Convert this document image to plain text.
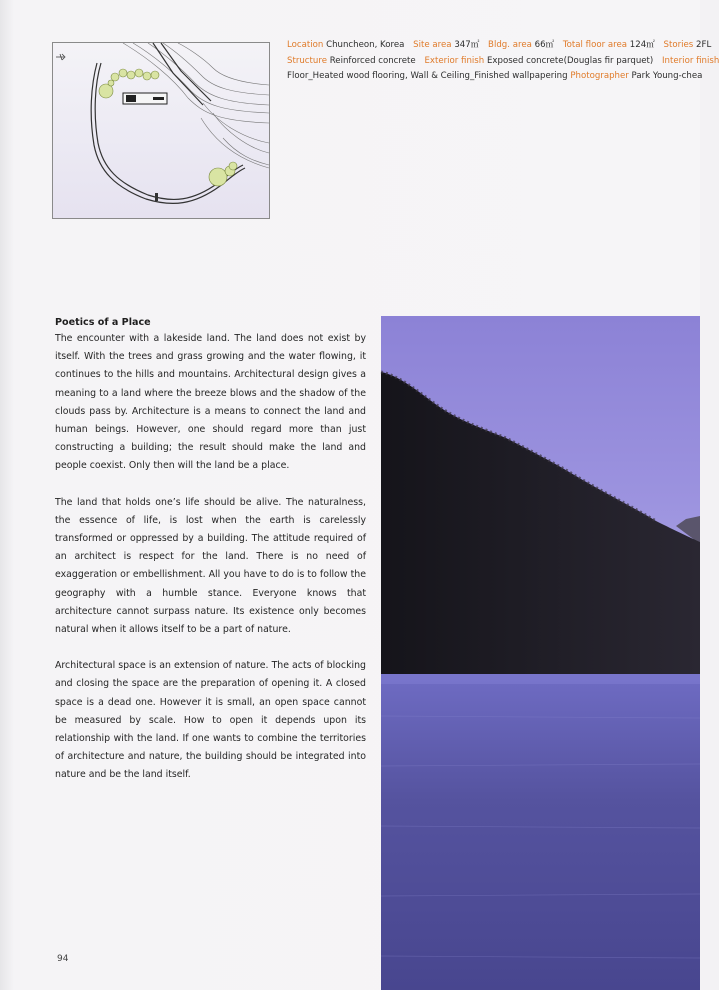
Location Chuncheon, Korea Site area 347㎡ Bldg. area 66㎡ Total floor area 124㎡ Stories 2FL
Structure Reinforced concrete Exterior finish Exposed concrete(Douglas fir parquet) Interior finish
Floor_Heated wood flooring, Wall & Ceiling_Finished wallpapering Photographer Park Young-chea
Poetics of a Place

The encounter with a lakeside land. The land does not exist by itself. With the trees and grass growing and the water flowing, it continues to the hills and mountains. Architectural design gives a meaning to a land where the breeze blows and the shadow of the clouds pass by. Architecture is a means to connect the land and human beings. However, one should regard more than just constructing a building; the result should make the land and people coexist. Only then will the land be a place.

The land that holds one’s life should be alive. The naturalness, the essence of life, is lost when the earth is carelessly transformed or oppressed by a building. The attitude required of an architect is respect for the land. There is no need of exaggeration or embellishment. All you have to do is to follow the geography with a humble stance. Everyone knows that architecture cannot surpass nature. Its existence only becomes natural when it allows itself to be a part of nature.

Architectural space is an extension of nature. The acts of blocking and closing the space are the preparation of opening it. A closed space is a dead one. However it is small, an open space cannot be measured by scale. How to open it depends upon its relationship with the land. If one wants to combine the territories of architecture and nature, the building should be integrated into nature and be the land itself.

94
